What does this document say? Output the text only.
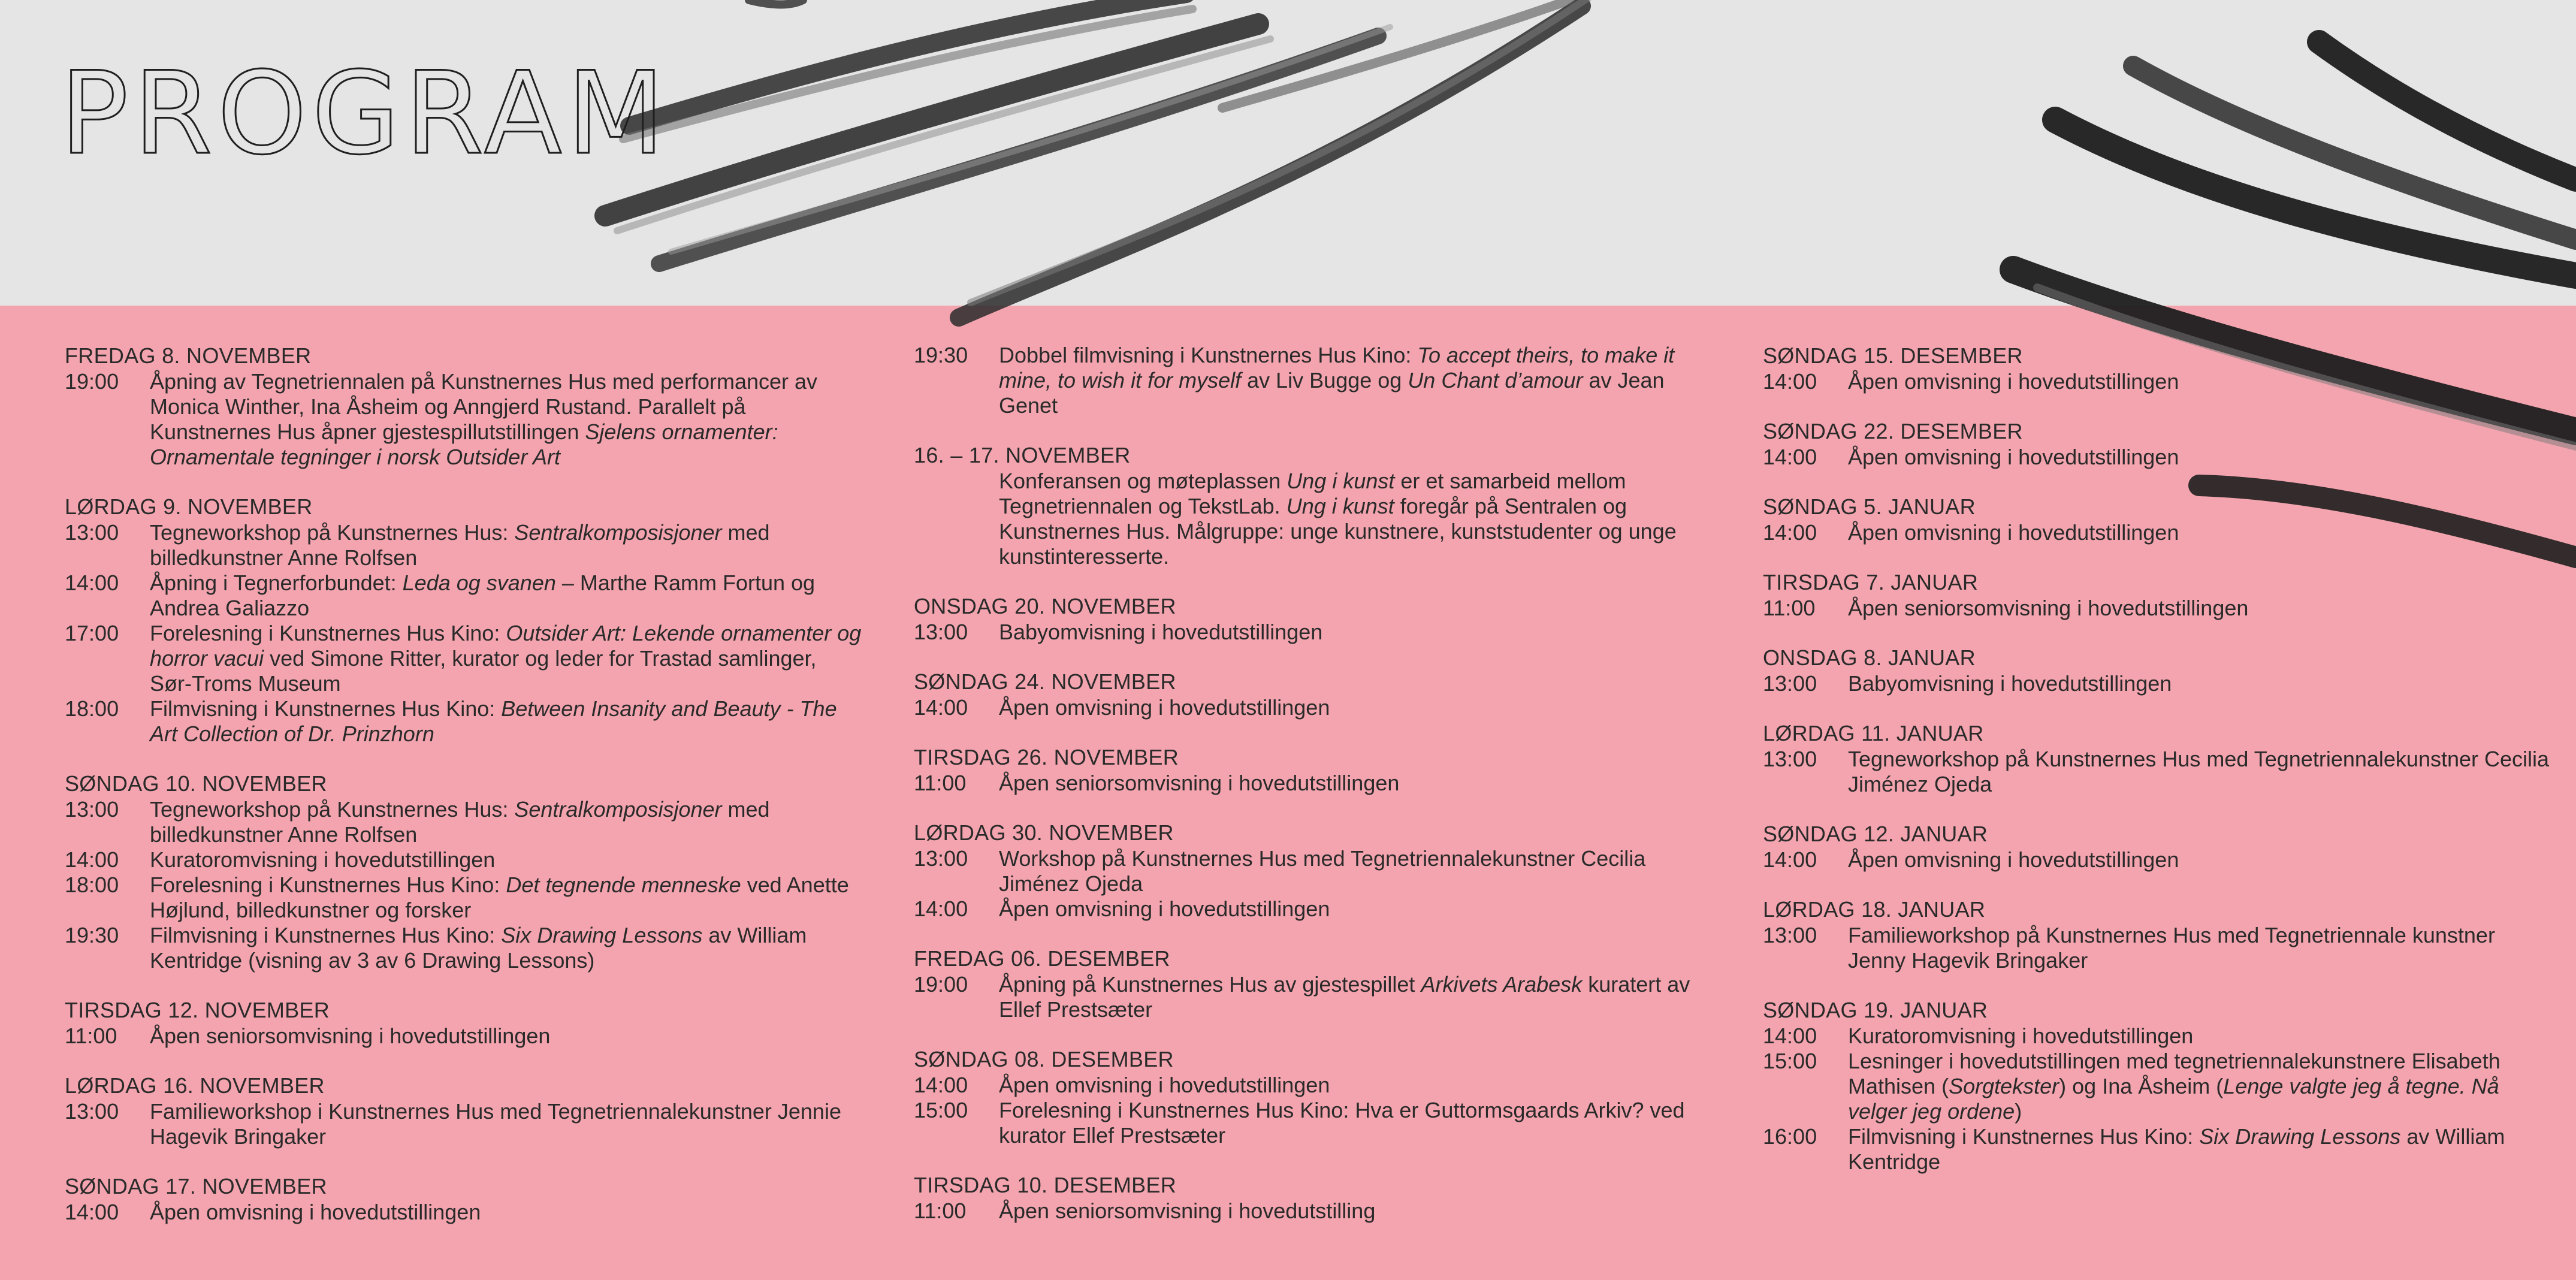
PROGRAM
FREDAG 8. NOVEMBER
19:00	Åpning av Tegnetriennalen på Kunstnernes Hus med performancer av Monica Winther, Ina Åsheim og Anngjerd Rustand. Parallelt på Kunstnernes Hus åpner gjestespillutstillingen Sjelens ornamenter: Ornamentale tegninger i norsk Outsider Art
LØRDAG 9. NOVEMBER
13:00	Tegneworkshop på Kunstnernes Hus: Sentralkomposisjoner med billedkunstner Anne Rolfsen
14:00	Åpning i Tegnerforbundet: Leda og svanen – Marthe Ramm Fortun og Andrea Galiazzo
17:00	Forelesning i Kunstnernes Hus Kino: Outsider Art: Lekende ornamenter og horror vacui ved Simone Ritter, kurator og leder for Trastad samlinger, Sør-Troms Museum
18:00	Filmvisning i Kunstnernes Hus Kino: Between Insanity and Beauty - The Art Collection of Dr. Prinzhorn
SØNDAG 10. NOVEMBER
13:00	Tegneworkshop på Kunstnernes Hus: Sentralkomposisjoner med billedkunstner Anne Rolfsen
14:00	Kuratoromvisning i hovedutstillingen
18:00	Forelesning i Kunstnernes Hus Kino: Det tegnende menneske ved Anette Højlund, billedkunstner og forsker
19:30	Filmvisning i Kunstnernes Hus Kino: Six Drawing Lessons av William Kentridge (visning av 3 av 6 Drawing Lessons)
TIRSDAG 12. NOVEMBER
11:00	Åpen seniorsomvisning i hovedutstillingen
LØRDAG 16. NOVEMBER
13:00	Familieworkshop i Kunstnernes Hus med Tegnetriennalekunstner Jennie Hagevik Bringaker
SØNDAG 17. NOVEMBER
14:00	Åpen omvisning i hovedutstillingen
19:30	Dobbel filmvisning i Kunstnernes Hus Kino: To accept theirs, to make it mine, to wish it for myself av Liv Bugge og Un Chant d’amour av Jean Genet
16. – 17. NOVEMBER
Konferansen og møteplassen Ung i kunst er et samarbeid mellom Tegnetriennalen og TekstLab. Ung i kunst foregår på Sentralen og Kunstnernes Hus. Målgruppe: unge kunstnere, kunststudenter og unge kunstinteresserte.
ONSDAG 20. NOVEMBER
13:00	Babyomvisning i hovedutstillingen
SØNDAG 24. NOVEMBER
14:00	Åpen omvisning i hovedutstillingen
TIRSDAG 26. NOVEMBER
11:00	Åpen seniorsomvisning i hovedutstillingen
LØRDAG 30. NOVEMBER
13:00	Workshop på Kunstnernes Hus med Tegnetriennalekunstner Cecilia Jiménez Ojeda
14:00	Åpen omvisning i hovedutstillingen
FREDAG 06. DESEMBER
19:00	Åpning på Kunstnernes Hus av gjestespillet Arkivets Arabesk kuratert av Ellef Prestsæter
SØNDAG 08. DESEMBER
14:00	Åpen omvisning i hovedutstillingen
15:00	Forelesning i Kunstnernes Hus Kino: Hva er Guttormsgaards Arkiv? ved kurator Ellef Prestsæter
TIRSDAG 10. DESEMBER
11:00	Åpen seniorsomvisning i hovedutstilling
SØNDAG 15. DESEMBER
14:00	Åpen omvisning i hovedutstillingen
SØNDAG 22. DESEMBER
14:00	Åpen omvisning i hovedutstillingen
SØNDAG 5. JANUAR
14:00	Åpen omvisning i hovedutstillingen
TIRSDAG 7. JANUAR
11:00	Åpen seniorsomvisning i hovedutstillingen
ONSDAG 8. JANUAR
13:00	Babyomvisning i hovedutstillingen
LØRDAG 11. JANUAR
13:00	Tegneworkshop på Kunstnernes Hus med Tegnetriennalekunstner Cecilia Jiménez Ojeda
SØNDAG 12. JANUAR
14:00	Åpen omvisning i hovedutstillingen
LØRDAG 18. JANUAR
13:00	Familieworkshop på Kunstnernes Hus med Tegnetriennale kunstner Jenny Hagevik Bringaker
SØNDAG 19. JANUAR
14:00	Kuratoromvisning i hovedutstillingen
15:00	Lesninger i hovedutstillingen med tegnetriennalekunstnere Elisabeth Mathisen (Sorgtekster) og Ina Åsheim (Lenge valgte jeg å tegne. Nå velger jeg ordene)
16:00	Filmvisning i Kunstnernes Hus Kino: Six Drawing Lessons av William Kentridge
